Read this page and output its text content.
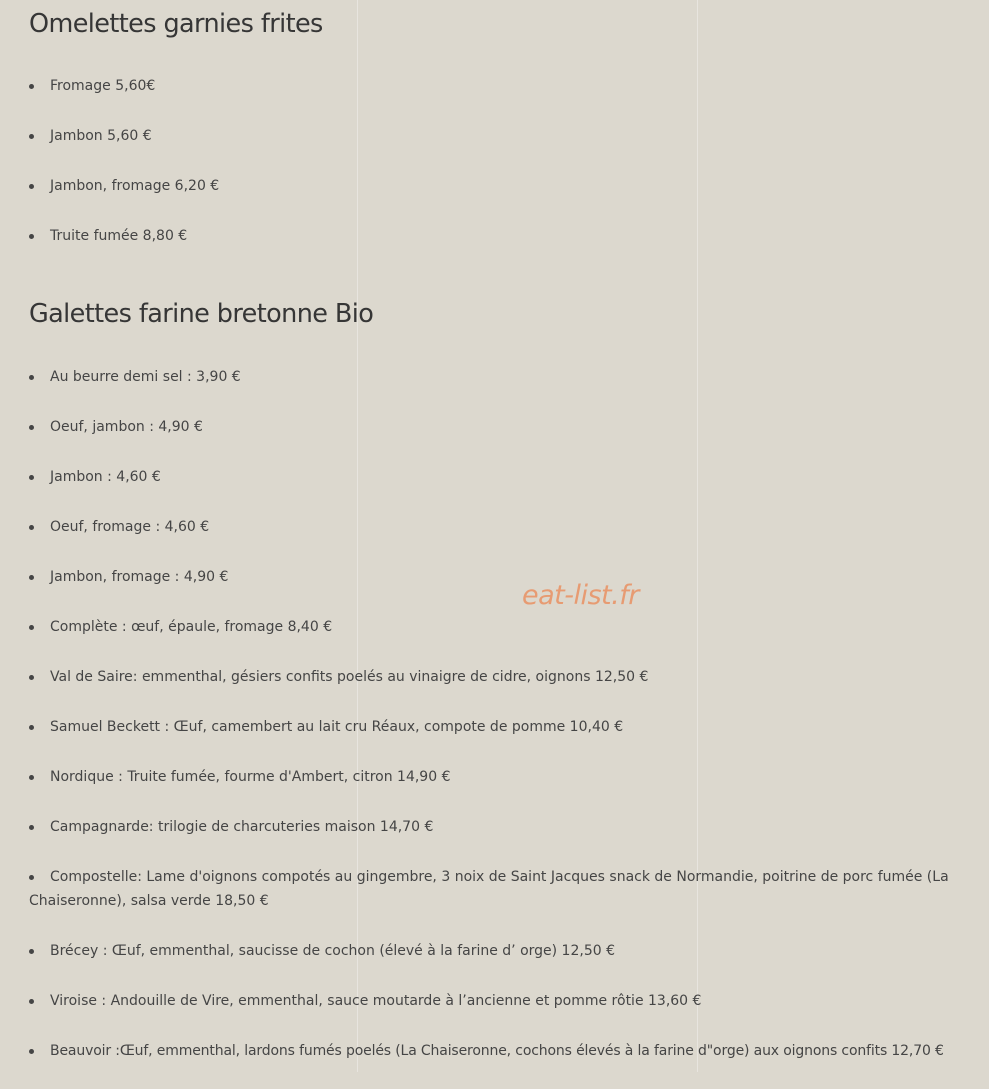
Omelettes garnies frites
Fromage 5,60€
Jambon 5,60 €
Jambon, fromage 6,20 €
Truite fumée 8,80 €
Galettes farine bretonne Bio
Au beurre demi sel : 3,90 €
Oeuf, jambon : 4,90 €
Jambon : 4,60 €
Oeuf, fromage : 4,60 €
Jambon, fromage : 4,90 €
Complète : œuf, épaule, fromage 8,40 €
Val de Saire: emmenthal, gésiers confits poelés au vinaigre de cidre, oignons 12,50 €
Samuel Beckett : Œuf, camembert au lait cru Réaux, compote de pomme 10,40 €
Nordique : Truite fumée, fourme d'Ambert, citron 14,90 €
Campagnarde: trilogie de charcuteries maison 14,70 €
Compostelle: Lame d'oignons compotés au gingembre, 3 noix de Saint Jacques snack de Normandie, poitrine de porc fumée (La Chaiseronne), salsa verde 18,50 €
Brécey : Œuf, emmenthal, saucisse de cochon (élevé à la farine d’ orge) 12,50 €
Viroise : Andouille de Vire, emmenthal, sauce moutarde à l’ancienne et pomme rôtie 13,60 €
Beauvoir :Œuf, emmenthal, lardons fumés poelés (La Chaiseronne, cochons élevés à la farine d"orge) aux oignons confits 12,70 €
eat-list.fr
